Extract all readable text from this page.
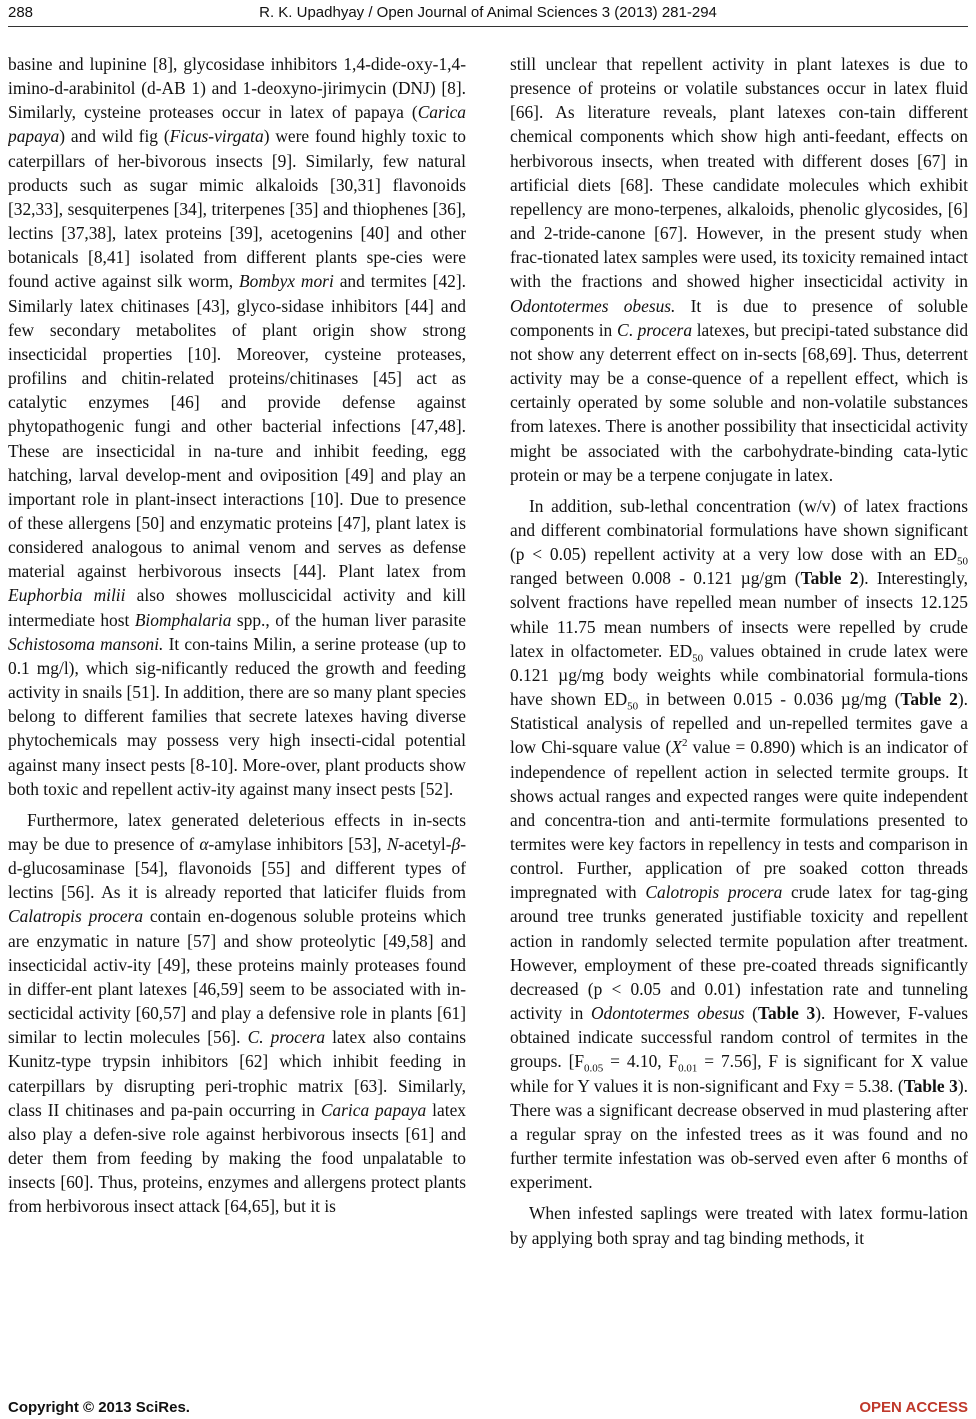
288	R. K. Upadhyay / Open Journal of Animal Sciences 3 (2013) 281-294

basine and lupinine [8], glycosidase inhibitors 1,4-dide-oxy-1,4-imino-d-arabinitol (d-AB 1) and 1-deoxyno-jirimycin (DNJ) [8]. Similarly, cysteine proteases occur in latex of papaya (Carica papaya) and wild fig (Ficus-virgata) were found highly toxic to caterpillars of her-bivorous insects [9]. Similarly, few natural products such as sugar mimic alkaloids [30,31] flavonoids [32,33], sesquiterpenes [34], triterpenes [35] and thiophenes [36], lectins [37,38], latex proteins [39], acetogenins [40] and other botanicals [8,41] isolated from different plants spe-cies were found active against silk worm, Bombyx mori and termites [42]. Similarly latex chitinases [43], glyco-sidase inhibitors [44] and few secondary metabolites of plant origin show strong insecticidal properties [10]. Moreover, cysteine proteases, profilins and chitin-related proteins/chitinases [45] act as catalytic enzymes [46] and provide defense against phytopathogenic fungi and other bacterial infections [47,48]. These are insecticidal in na-ture and inhibit feeding, egg hatching, larval develop-ment and oviposition [49] and play an important role in plant-insect interactions [10]. Due to presence of these allergens [50] and enzymatic proteins [47], plant latex is considered analogous to animal venom and serves as defense material against herbivorous insects [44]. Plant latex from Euphorbia milii also showes molluscicidal activity and kill intermediate host Biomphalaria spp., of the human liver parasite Schistosoma mansoni. It con-tains Milin, a serine protease (up to 0.1 mg/l), which sig-nificantly reduced the growth and feeding activity in snails [51]. In addition, there are so many plant species belong to different families that secrete latexes having diverse phytochemicals may possess very high insecti-cidal potential against many insect pests [8-10]. More-over, plant products show both toxic and repellent activ-ity against many insect pests [52].

Furthermore, latex generated deleterious effects in in-sects may be due to presence of α-amylase inhibitors [53], N-acetyl-β-d-glucosaminase [54], flavonoids [55] and different types of lectins [56]. As it is already reported that laticifer fluids from Calatropis procera contain en-dogenous soluble proteins which are enzymatic in nature [57] and show proteolytic [49,58] and insecticidal activ-ity [49], these proteins mainly proteases found in differ-ent plant latexes [46,59] seem to be associated with in-secticidal activity [60,57] and play a defensive role in plants [61] similar to lectin molecules [56]. C. procera latex also contains Kunitz-type trypsin inhibitors [62] which inhibit feeding in caterpillars by disrupting peri-trophic matrix [63]. Similarly, class II chitinases and pa-pain occurring in Carica papaya latex also play a defen-sive role against herbivorous insects [61] and deter them from feeding by making the food unpalatable to insects [60]. Thus, proteins, enzymes and allergens protect plants from herbivorous insect attack [64,65], but it is

still unclear that repellent activity in plant latexes is due to presence of proteins or volatile substances occur in latex fluid [66]. As literature reveals, plant latexes con-tain different chemical components which show high anti-feedant, effects on herbivorous insects, when treated with different doses [67] in artificial diets [68]. These candidate molecules which exhibit repellency are mono-terpenes, alkaloids, phenolic glycosides, [6] and 2-tride-canone [67]. However, in the present study when frac-tionated latex samples were used, its toxicity remained intact with the fractions and showed higher insecticidal activity in Odontotermes obesus. It is due to presence of soluble components in C. procera latexes, but precipi-tated substance did not show any deterrent effect on in-sects [68,69]. Thus, deterrent activity may be a conse-quence of a repellent effect, which is certainly operated by some soluble and non-volatile substances from latexes. There is another possibility that insecticidal activity might be associated with the carbohydrate-binding cata-lytic protein or may be a terpene conjugate in latex.

In addition, sub-lethal concentration (w/v) of latex fractions and different combinatorial formulations have shown significant (p < 0.05) repellent activity at a very low dose with an $ED_{50}$ ranged between 0.008 - 0.121 µg/gm (Table 2). Interestingly, solvent fractions have repelled mean number of insects 12.125 while 11.75 mean numbers of insects were repelled by crude latex in olfactometer. $ED_{50}$ values obtained in crude latex were 0.121 µg/mg body weights while combinatorial formula-tions have shown $ED_{50}$ in between 0.015 - 0.036 µg/mg (Table 2). Statistical analysis of repelled and un-repelled termites gave a low Chi-square value ($X^2$ value = 0.890) which is an indicator of independence of repellent action in selected termite groups. It shows actual ranges and expected ranges were quite independent and concentra-tion and anti-termite formulations presented to termites were key factors in repellency in tests and comparison in control. Further, application of pre soaked cotton threads impregnated with Calotropis procera crude latex for tag-ging around tree trunks generated justifiable toxicity and repellent action in randomly selected termite population after treatment. However, employment of these pre-coated threads significantly decreased (p < 0.05 and 0.01) infestation rate and tunneling activity in Odontotermes obesus (Table 3). However, F-values obtained indicate successful random control of termites in the groups. [$F_{0.05} = 4.10$, $F_{0.01} = 7.56$], F is significant for X value while for Y values it is non-significant and Fxy = 5.38. (Table 3). There was a significant decrease observed in mud plastering after a regular spray on the infested trees as it was found and no further termite infestation was ob-served even after 6 months of experiment.

When infested saplings were treated with latex formu-lation by applying both spray and tag binding methods, it

Copyright © 2013 SciRes.	OPEN ACCESS
